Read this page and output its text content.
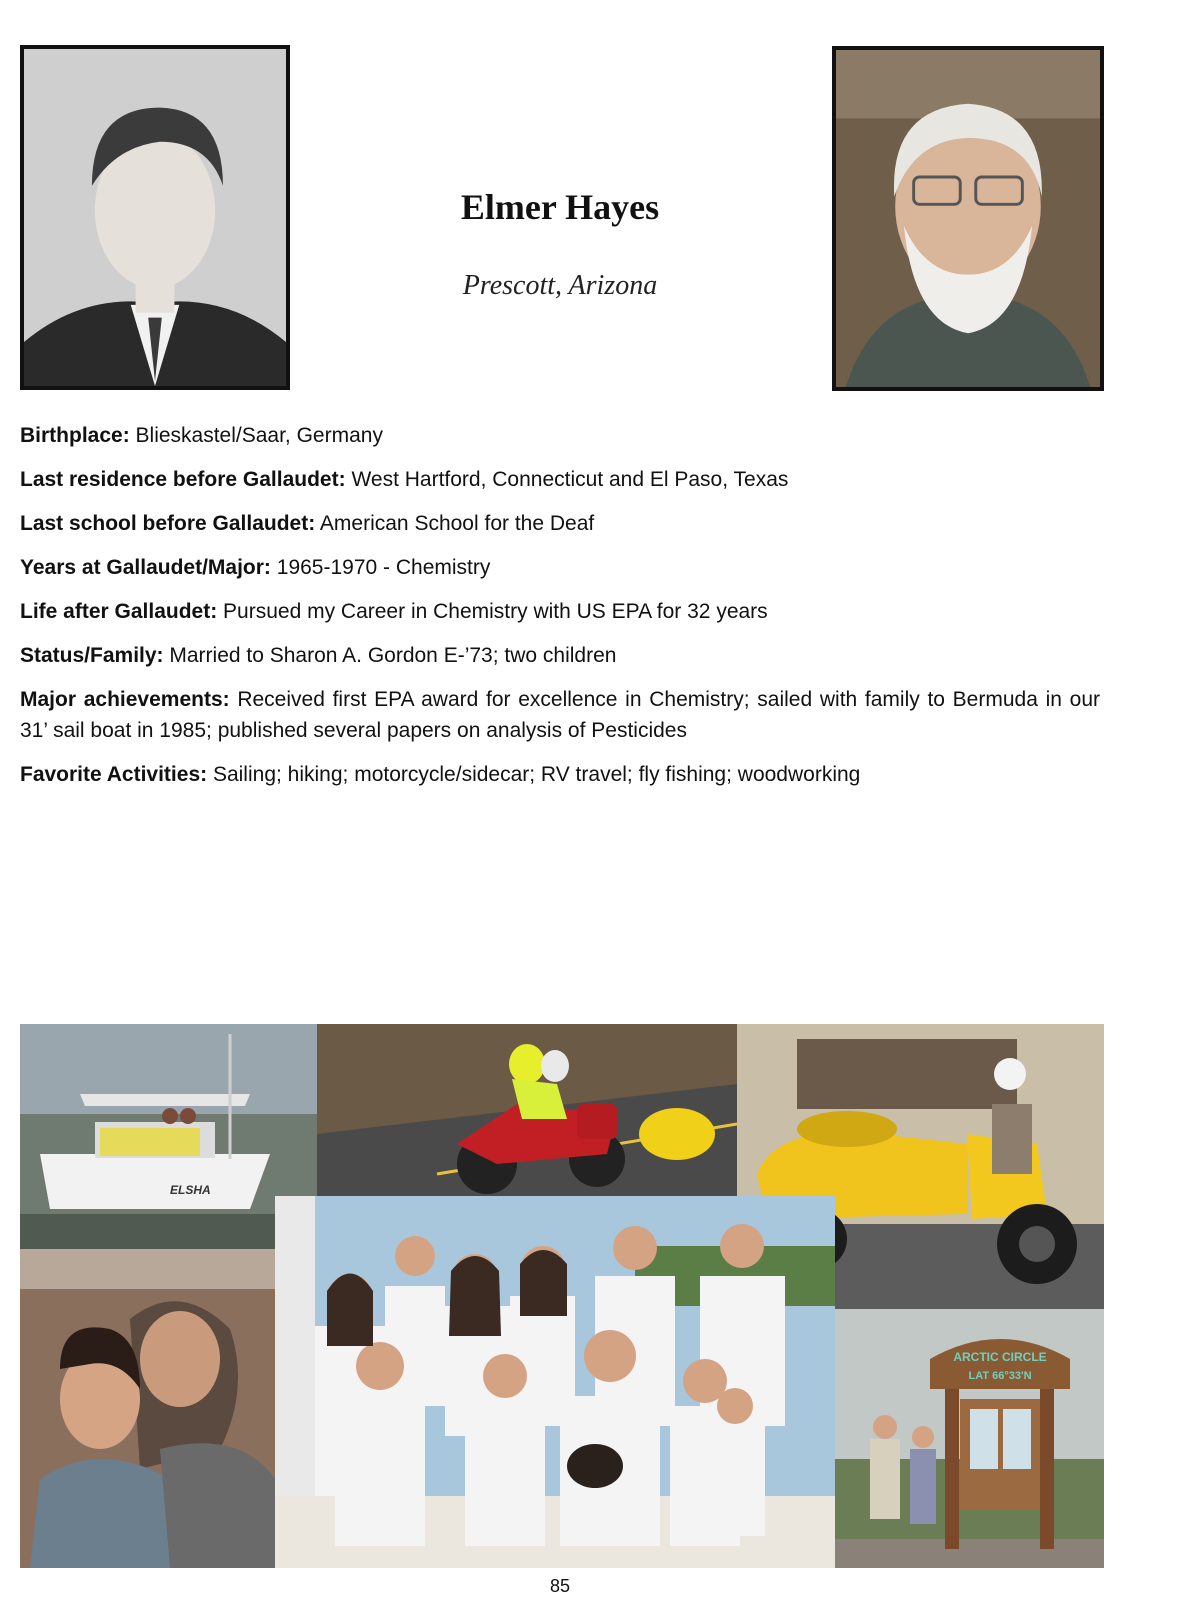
Elmer Hayes
Prescott, Arizona

Birthplace: Blieskastel/Saar, Germany

Last residence before Gallaudet: West Hartford, Connecticut and El Paso, Texas

Last school before Gallaudet: American School for the Deaf

Years at Gallaudet/Major: 1965-1970 - Chemistry

Life after Gallaudet: Pursued my Career in Chemistry with US EPA for 32 years

Status/Family: Married to Sharon A. Gordon E-’73; two children

Major achievements: Received first EPA award for excellence in Chemistry; sailed with family to Bermuda in our 31’ sail boat in 1985; published several papers on analysis of Pesticides

Favorite Activities: Sailing; hiking; motorcycle/sidecar; RV travel; fly fishing; woodworking

ELSHA
ARCTIC CIRCLE
LAT 66°33'N
85
